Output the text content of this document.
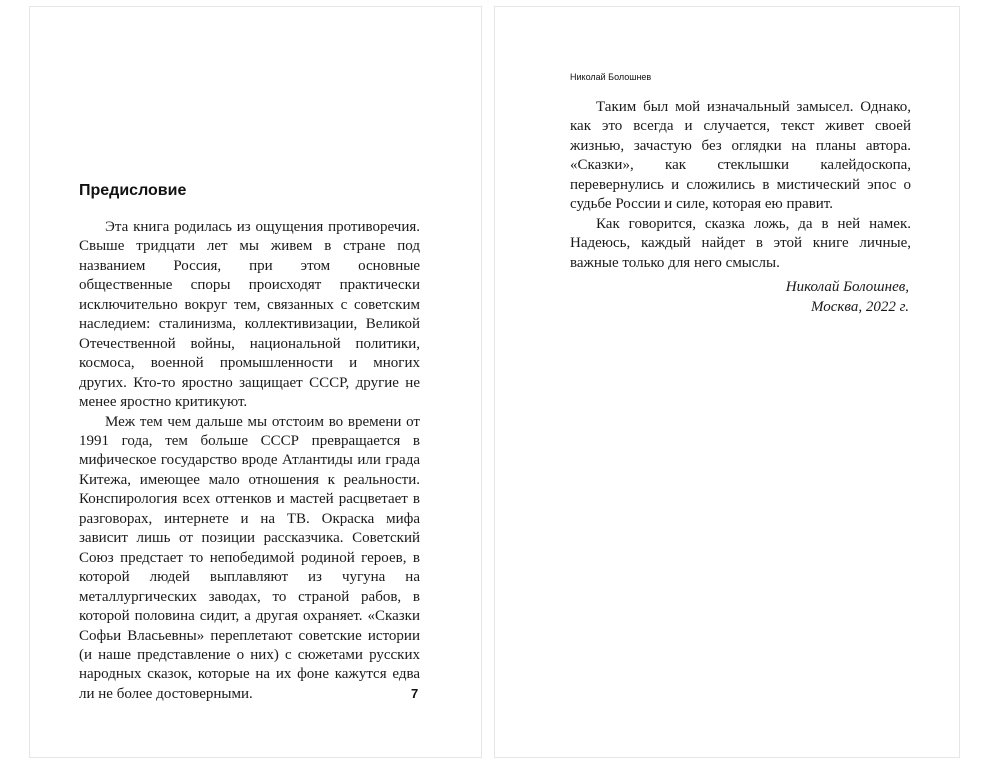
Предисловие

Эта книга родилась из ощущения противоречия. Свыше тридцати лет мы живем в стране под названием Россия, при этом основные общественные споры происходят практически исключительно вокруг тем, связанных с советским наследием: сталинизма, коллективизации, Великой Отечественной войны, национальной политики, космоса, военной промышленности и многих других. Кто-то яростно защищает СССР, другие не менее яростно критикуют.

Меж тем чем дальше мы отстоим во времени от 1991 года, тем больше СССР превращается в мифическое государство вроде Атлантиды или града Китежа, имеющее мало отношения к реальности. Конспирология всех оттенков и мастей расцветает в разговорах, интернете и на ТВ. Окраска мифа зависит лишь от позиции рассказчика. Советский Союз предстает то непобедимой родиной героев, в которой людей выплавляют из чугуна на металлургических заводах, то страной рабов, в которой половина сидит, а другая охраняет. «Сказки Софьи Власьевны» переплетают советские истории (и наше представление о них) с сюжетами русских народных сказок, которые на их фоне кажутся едва ли не более достоверными.	7
Николай Болошнев

Таким был мой изначальный замысел. Однако, как это всегда и случается, текст живет своей жизнью, зачастую без оглядки на планы автора. «Сказки», как стеклышки калейдоскопа, перевернулись и сложились в мистический эпос о судьбе России и силе, которая ею правит.

Как говорится, сказка ложь, да в ней намек. Надеюсь, каждый найдет в этой книге личные, важные только для него смыслы.

Николай Болошнев,
Москва, 2022 г.
